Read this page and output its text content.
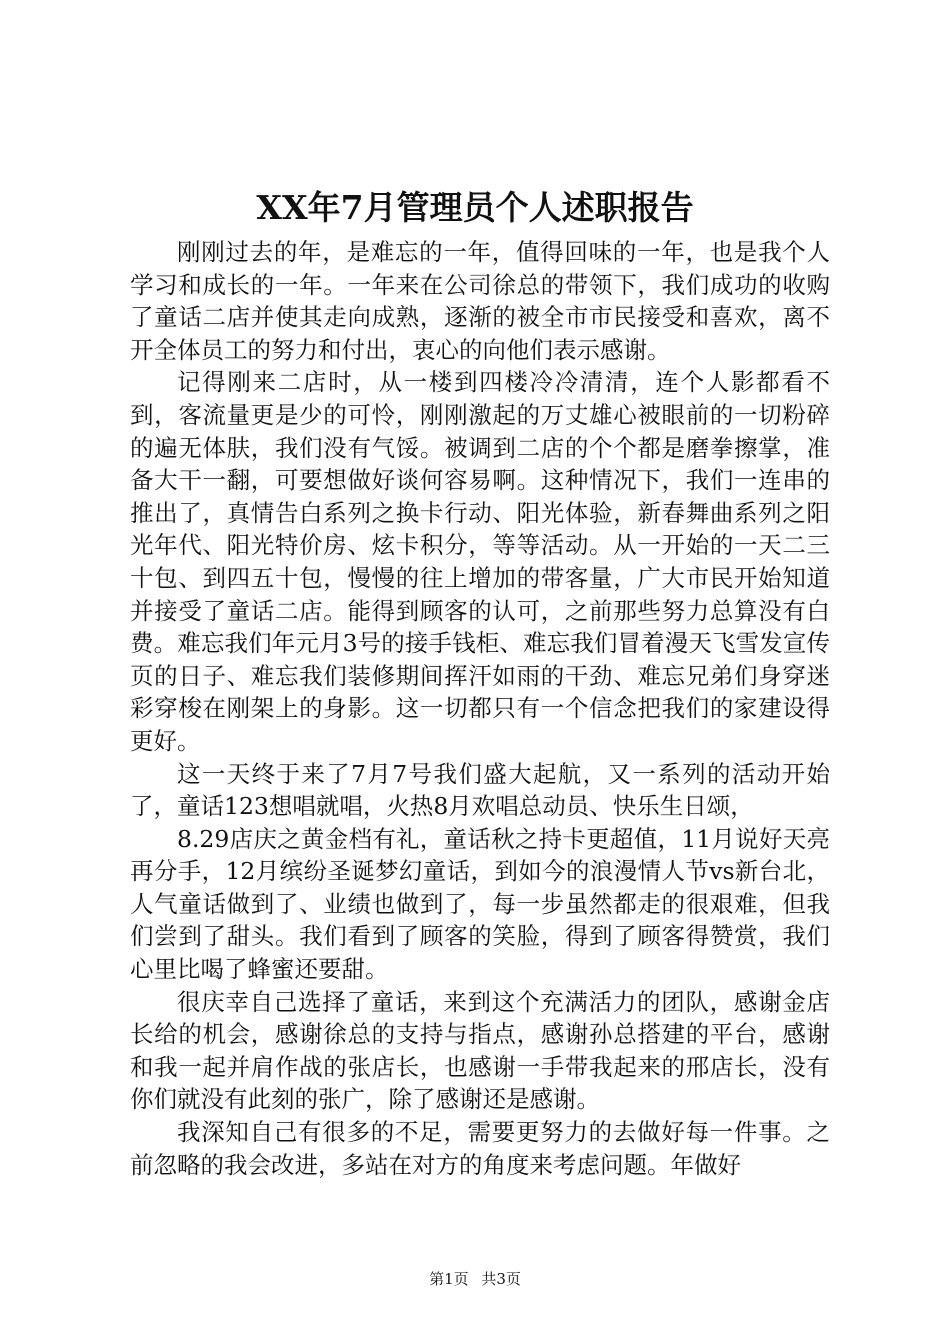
XX年7月管理员个人述职报告

刚刚过去的年，是难忘的一年，值得回味的一年，也是我个人学习和成长的一年。一年来在公司徐总的带领下，我们成功的收购了童话二店并使其走向成熟，逐渐的被全市市民接受和喜欢，离不开全体员工的努力和付出，衷心的向他们表示感谢。

记得刚来二店时，从一楼到四楼冷冷清清，连个人影都看不到，客流量更是少的可怜，刚刚激起的万丈雄心被眼前的一切粉碎的遍无体肤，我们没有气馁。被调到二店的个个都是磨拳擦掌，准备大干一翻，可要想做好谈何容易啊。这种情况下，我们一连串的推出了，真情告白系列之换卡行动、阳光体验，新春舞曲系列之阳光年代、阳光特价房、炫卡积分，等等活动。从一开始的一天二三十包、到四五十包，慢慢的往上增加的带客量，广大市民开始知道并接受了童话二店。能得到顾客的认可，之前那些努力总算没有白费。难忘我们年元月3号的接手钱柜、难忘我们冒着漫天飞雪发宣传页的日子、难忘我们装修期间挥汗如雨的干劲、难忘兄弟们身穿迷彩穿梭在刚架上的身影。这一切都只有一个信念把我们的家建设得更好。

这一天终于来了7月7号我们盛大起航，又一系列的活动开始了，童话123想唱就唱，火热8月欢唱总动员、快乐生日颂，

8.29店庆之黄金档有礼，童话秋之持卡更超值，11月说好天亮再分手，12月缤纷圣诞梦幻童话，到如今的浪漫情人节vs新台北，人气童话做到了、业绩也做到了，每一步虽然都走的很艰难，但我们尝到了甜头。我们看到了顾客的笑脸，得到了顾客得赞赏，我们心里比喝了蜂蜜还要甜。

很庆幸自己选择了童话，来到这个充满活力的团队，感谢金店长给的机会，感谢徐总的支持与指点，感谢孙总搭建的平台，感谢和我一起并肩作战的张店长，也感谢一手带我起来的邢店长，没有你们就没有此刻的张广，除了感谢还是感谢。

我深知自己有很多的不足，需要更努力的去做好每一件事。之前忽略的我会改进，多站在对方的角度来考虑问题。年做好

第1页 共3页
